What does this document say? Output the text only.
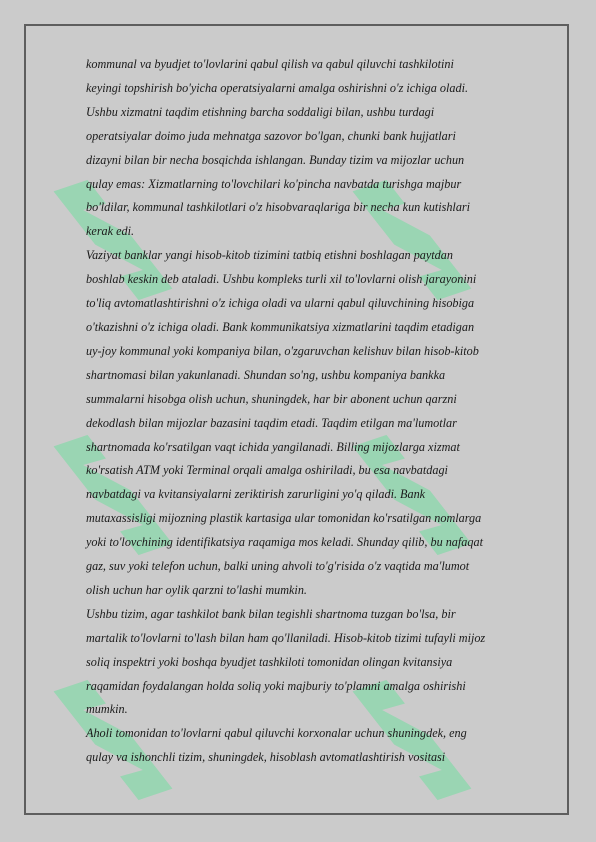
kommunal va byudjet to'lovlarini qabul qilish va qabul qiluvchi tashkilotini
keyingi topshirish bo'yicha operatsiyalarni amalga oshirishni o'z ichiga oladi.
Ushbu xizmatni taqdim etishning barcha soddaligi bilan, ushbu turdagi
operatsiyalar doimo juda mehnatga sazovor bo'lgan, chunki bank hujjatlari
dizayni bilan bir necha bosqichda ishlangan. Bunday tizim va mijozlar uchun
qulay emas: Xizmatlarning to'lovchilari ko'pincha navbatda turishga majbur
bo'ldilar, kommunal tashkilotlari o'z hisobvaraqlariga bir necha kun kutishlari
kerak edi.
Vaziyat banklar yangi hisob-kitob tizimini tatbiq etishni boshlagan paytdan
boshlab keskin deb ataladi. Ushbu kompleks turli xil to'lovlarni olish jarayonini
to'liq avtomatlashtirishni o'z ichiga oladi va ularni qabul qiluvchining hisobiga
o'tkazishni o'z ichiga oladi. Bank kommunikatsiya xizmatlarini taqdim etadigan
uy-joy kommunal yoki kompaniya bilan, o'zgaruvchan kelishuv bilan hisob-kitob
shartnomasi bilan yakunlanadi. Shundan so'ng, ushbu kompaniya bankka
summalarni hisobga olish uchun, shuningdek, har bir abonent uchun qarzni
dekodlash bilan mijozlar bazasini taqdim etadi. Taqdim etilgan ma'lumotlar
shartnomada ko'rsatilgan vaqt ichida yangilanadi. Billing mijozlarga xizmat
ko'rsatish ATM yoki Terminal orqali amalga oshiriladi, bu esa navbatdagi
navbatdagi va kvitansiyalarni zeriktirish zarurligini yo'q qiladi. Bank
mutaxassisligi mijozning plastik kartasiga ular tomonidan ko'rsatilgan nomlarga
yoki to'lovchining identifikatsiya raqamiga mos keladi. Shunday qilib, bu nafaqat
gaz, suv yoki telefon uchun, balki uning ahvoli to'g'risida o'z vaqtida ma'lumot
olish uchun har oylik qarzni to'lashi mumkin.
Ushbu tizim, agar tashkilot bank bilan tegishli shartnoma tuzgan bo'lsa, bir
martalik to'lovlarni to'lash bilan ham qo'llaniladi. Hisob-kitob tizimi tufayli mijoz
soliq inspektri yoki boshqa byudjet tashkiloti tomonidan olingan kvitansiya
raqamidan foydalangan holda soliq yoki majburiy to'plamni amalga oshirishi
mumkin.
Aholi tomonidan to'lovlarni qabul qiluvchi korxonalar uchun shuningdek, eng
qulay va ishonchli tizim, shuningdek, hisoblash avtomatlashtirish vositasi
